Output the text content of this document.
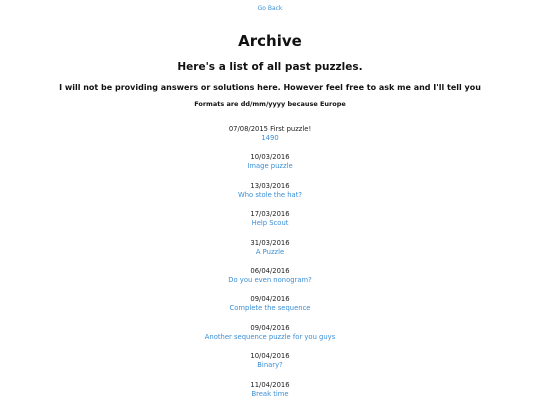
Go Back
Archive
Here's a list of all past puzzles.
I will not be providing answers or solutions here. However feel free to ask me and I'll tell you
Formats are dd/mm/yyyy because Europe
07/08/2015 First puzzle!
1490
10/03/2016
Image puzzle
13/03/2016
Who stole the hat?
17/03/2016
Help Scout
31/03/2016
A Puzzle
06/04/2016
Do you even nonogram?
09/04/2016
Complete the sequence
09/04/2016
Another sequence puzzle for you guys
10/04/2016
Binary?
11/04/2016
Break time
